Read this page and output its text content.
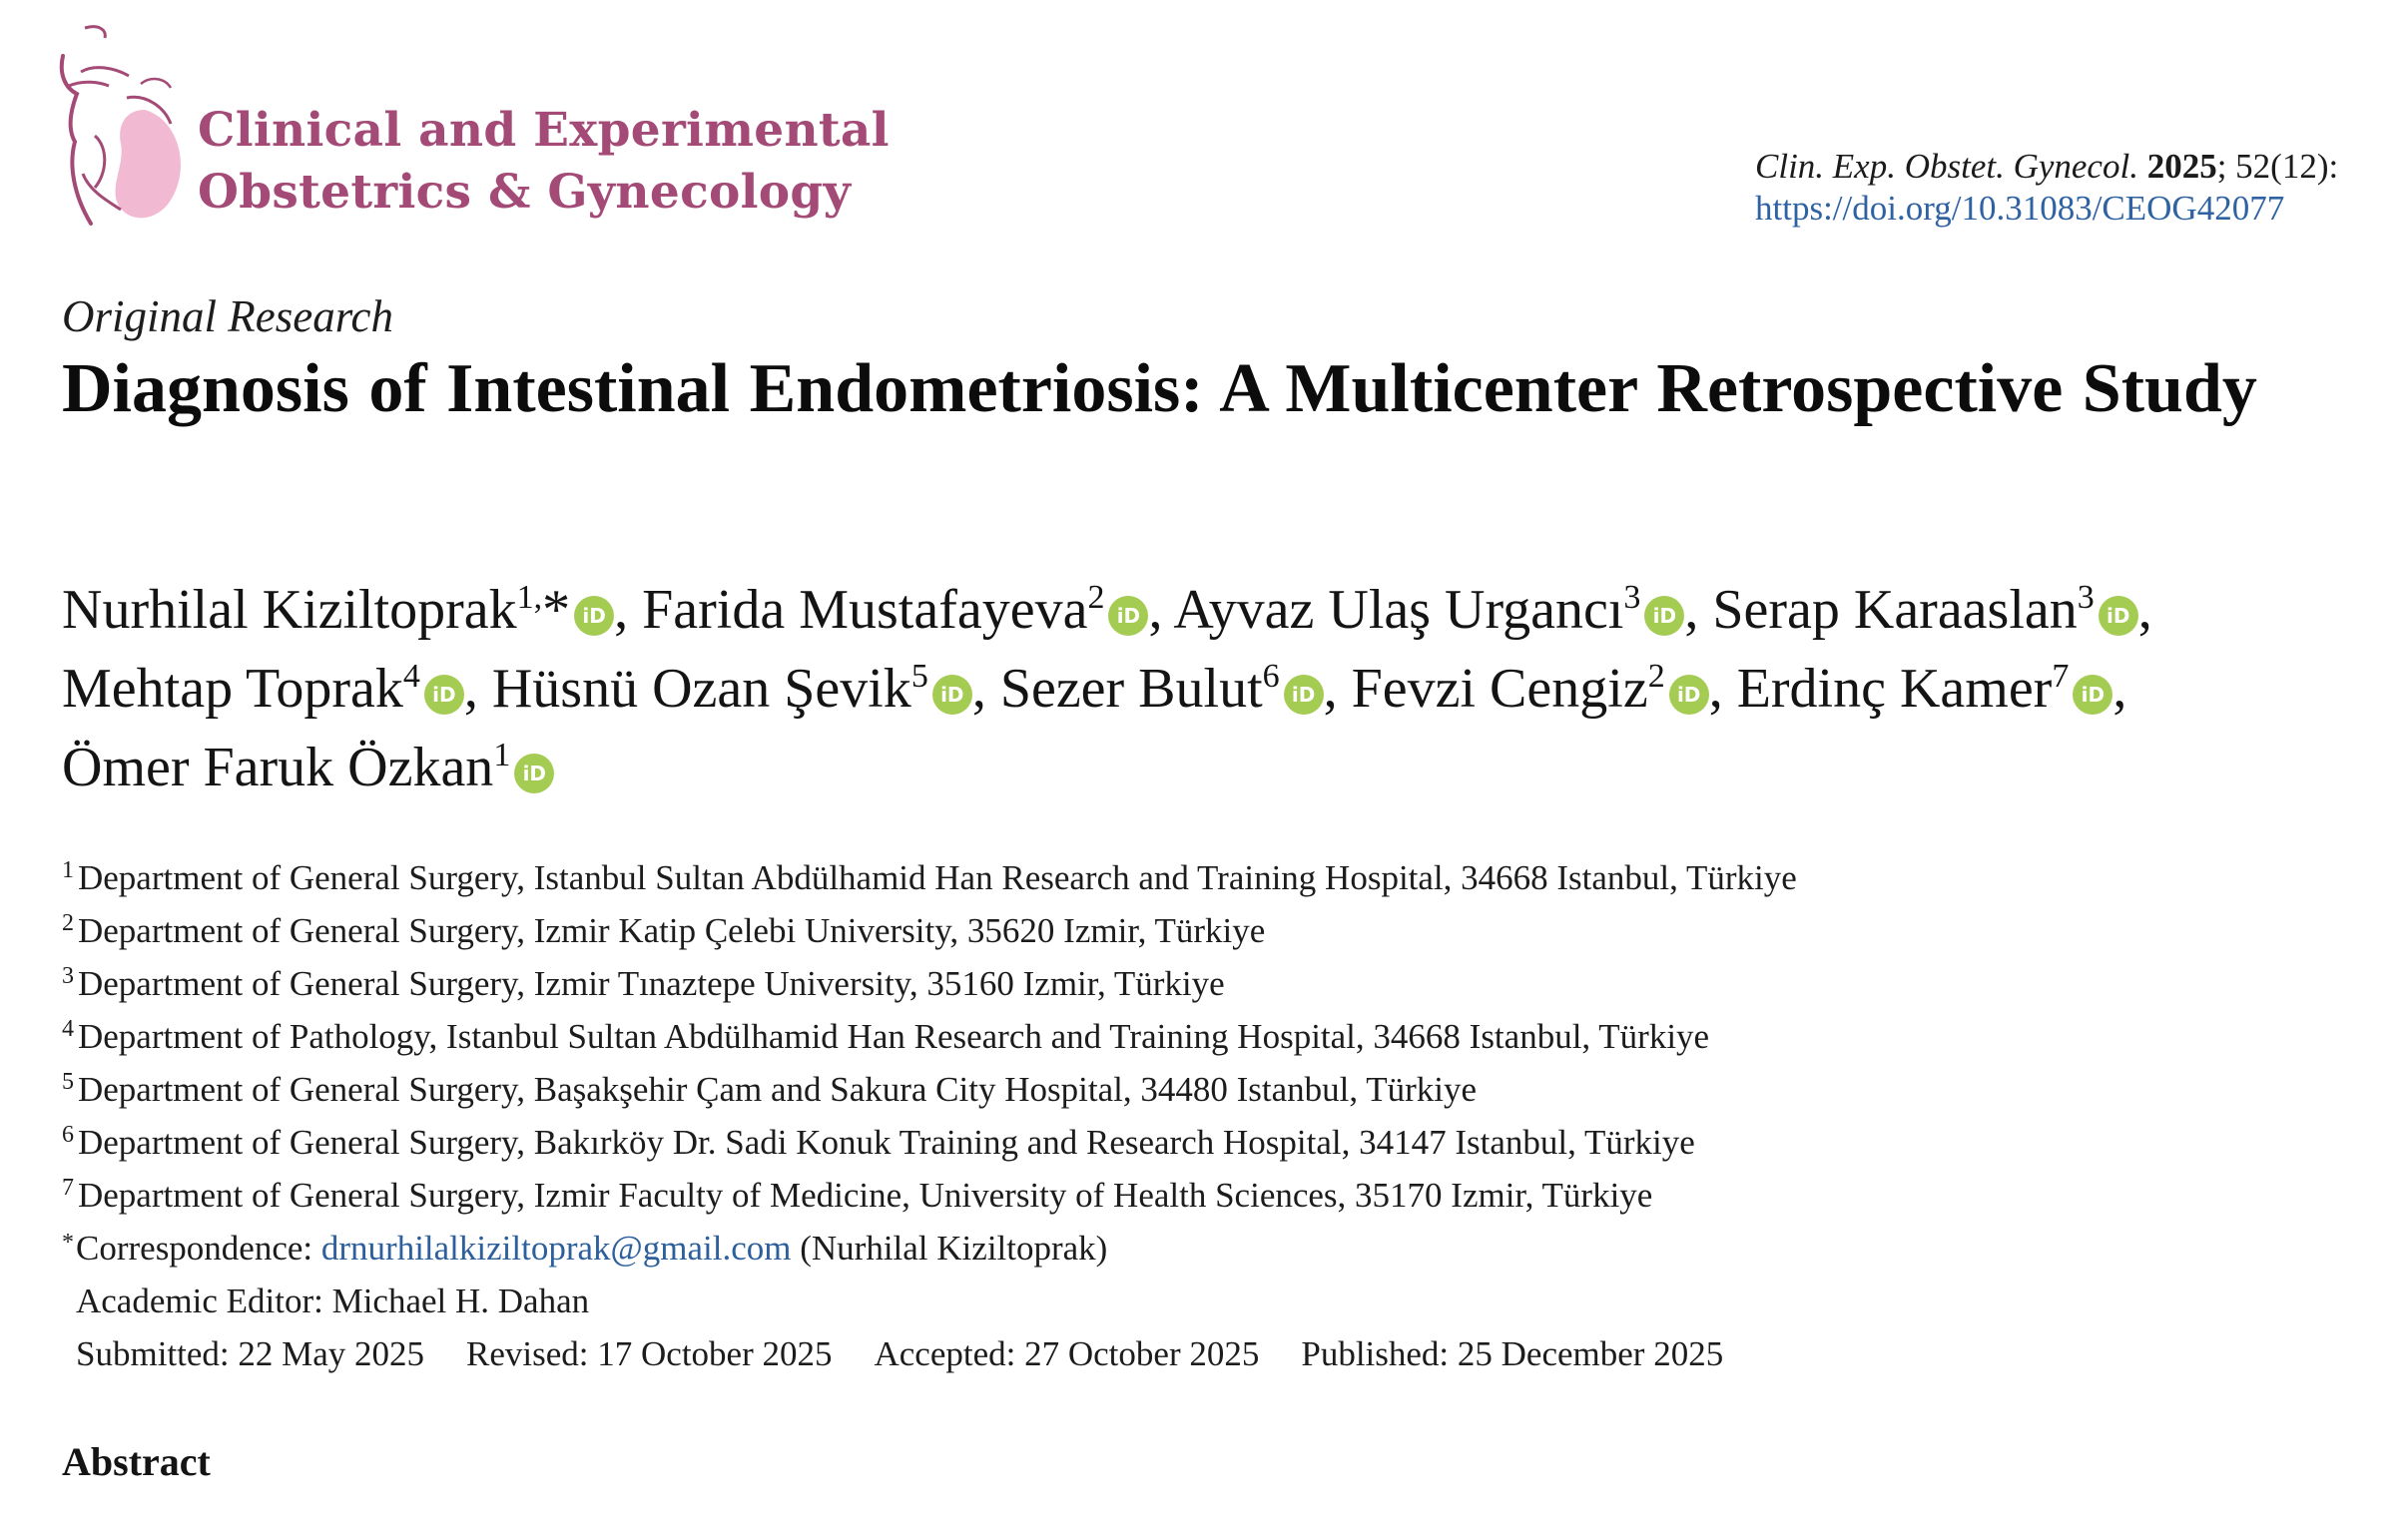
Clinical and Experimental
Obstetrics & Gynecology	Clin. Exp. Obstet. Gynecol. 2025; 52(12):
https://doi.org/10.31083/CEOG42077
Original Research
Diagnosis of Intestinal Endometriosis: A Multicenter Retrospective Study
Nurhilal Kiziltoprak$^{1,}$* iD , Farida Mustafayeva$^2$ iD , Ayvaz Ulaş Urgancı$^3$ iD , Serap Karaaslan$^3$ iD , Mehtap Toprak$^4$ iD , Hüsnü Ozan Şevik$^5$ iD , Sezer Bulut$^6$ iD , Fevzi Cengiz$^2$ iD , Erdinç Kamer$^7$ iD , Ömer Faruk Özkan$^1$ iD
$^1$ Department of General Surgery, Istanbul Sultan Abdülhamid Han Research and Training Hospital, 34668 Istanbul, Türkiye
$^2$ Department of General Surgery, Izmir Katip Çelebi University, 35620 Izmir, Türkiye
$^3$ Department of General Surgery, Izmir Tınaztepe University, 35160 Izmir, Türkiye
$^4$ Department of Pathology, Istanbul Sultan Abdülhamid Han Research and Training Hospital, 34668 Istanbul, Türkiye
$^5$ Department of General Surgery, Başakşehir Çam and Sakura City Hospital, 34480 Istanbul, Türkiye
$^6$ Department of General Surgery, Bakırköy Dr. Sadi Konuk Training and Research Hospital, 34147 Istanbul, Türkiye
$^7$ Department of General Surgery, Izmir Faculty of Medicine, University of Health Sciences, 35170 Izmir, Türkiye
*Correspondence: drnurhilalkiziltoprak@gmail.com (Nurhilal Kiziltoprak)
Academic Editor: Michael H. Dahan
Submitted: 22 May 2025 Revised: 17 October 2025 Accepted: 27 October 2025 Published: 25 December 2025
Abstract
